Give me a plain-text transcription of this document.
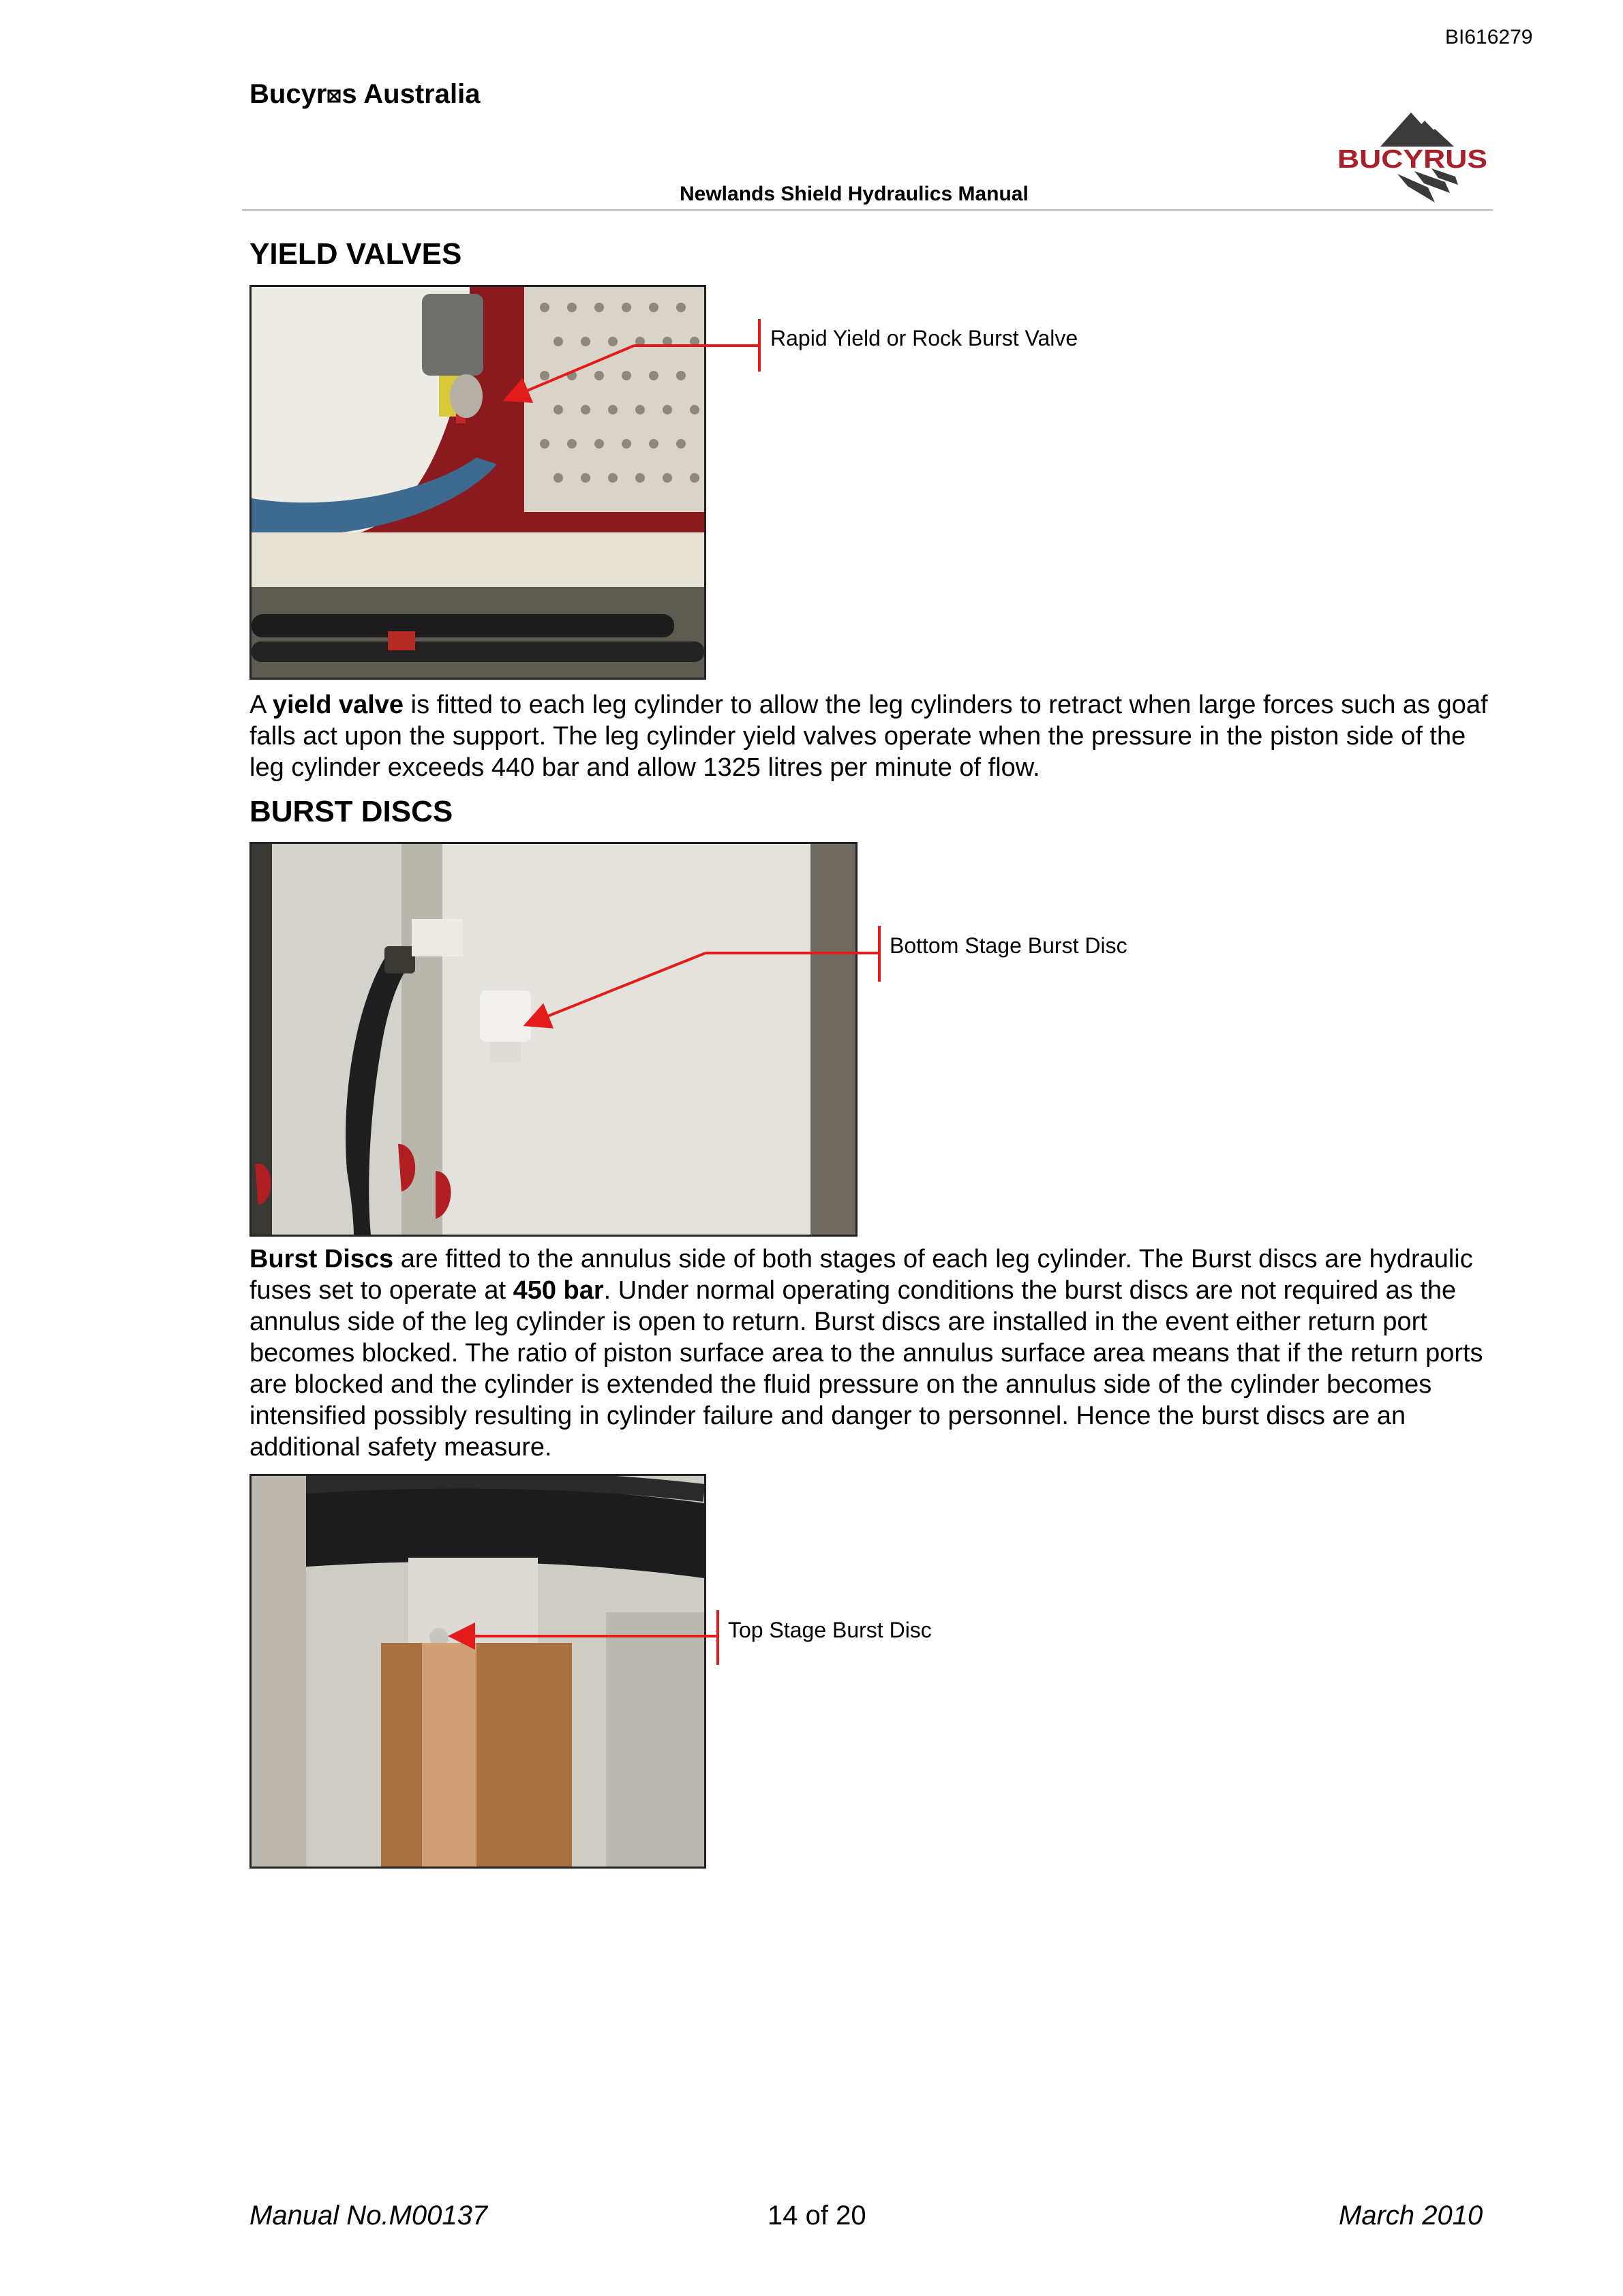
BI616279
Bucyr s Australia
Newlands Shield Hydraulics Manual
BUCYRUS
YIELD VALVES
Rapid Yield or Rock Burst Valve
A yield valve is fitted to each leg cylinder to allow the leg cylinders to retract when large forces such as goaf falls act upon the support. The leg cylinder yield valves operate when the pressure in the piston side of the leg cylinder exceeds 440 bar and allow 1325 litres per minute of flow.
BURST DISCS
Bottom Stage Burst Disc
Burst Discs are fitted to the annulus side of both stages of each leg cylinder. The Burst discs are hydraulic fuses set to operate at 450 bar. Under normal operating conditions the burst discs are not required as the annulus side of the leg cylinder is open to return. Burst discs are installed in the event either return port becomes blocked. The ratio of piston surface area to the annulus surface area means that if the return ports are blocked and the cylinder is extended the fluid pressure on the annulus side of the cylinder becomes intensified possibly resulting in cylinder failure and danger to personnel. Hence the burst discs are an additional safety measure.
Top Stage Burst Disc
Manual No.M00137	14 of 20	March 2010
